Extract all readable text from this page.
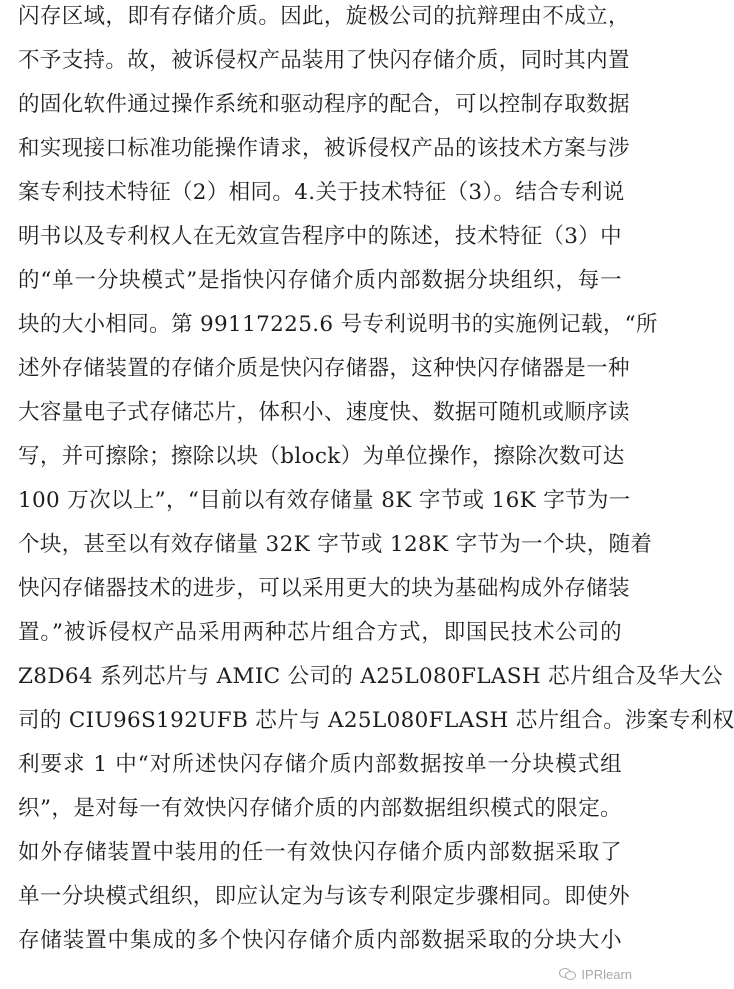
闪存区域，即有存储介质。因此，旋极公司的抗辩理由不成立，
不予支持。故，被诉侵权产品装用了快闪存储介质，同时其内置
的固化软件通过操作系统和驱动程序的配合，可以控制存取数据
和实现接口标准功能操作请求，被诉侵权产品的该技术方案与涉
案专利技术特征（2）相同。4.关于技术特征（3）。结合专利说
明书以及专利权人在无效宣告程序中的陈述，技术特征（3）中
的“单一分块模式”是指快闪存储介质内部数据分块组织，每一
块的大小相同。第 99117225.6 号专利说明书的实施例记载，“所
述外存储装置的存储介质是快闪存储器，这种快闪存储器是一种
大容量电子式存储芯片，体积小、速度快、数据可随机或顺序读
写，并可擦除；擦除以块（block）为单位操作，擦除次数可达
100 万次以上”，“目前以有效存储量 8K 字节或 16K 字节为一
个块，甚至以有效存储量 32K 字节或 128K 字节为一个块，随着
快闪存储器技术的进步，可以采用更大的块为基础构成外存储装
置。”被诉侵权产品采用两种芯片组合方式，即国民技术公司的
Z8D64 系列芯片与 AMIC 公司的 A25L080FLASH 芯片组合及华大公
司的 CIU96S192UFB 芯片与 A25L080FLASH 芯片组合。涉案专利权
利要求 1 中“对所述快闪存储介质内部数据按单一分块模式组
织”，是对每一有效快闪存储介质的内部数据组织模式的限定。
如外存储装置中装用的任一有效快闪存储介质内部数据采取了
单一分块模式组织，即应认定为与该专利限定步骤相同。即使外
存储装置中集成的多个快闪存储介质内部数据采取的分块大小
IPRlearn
